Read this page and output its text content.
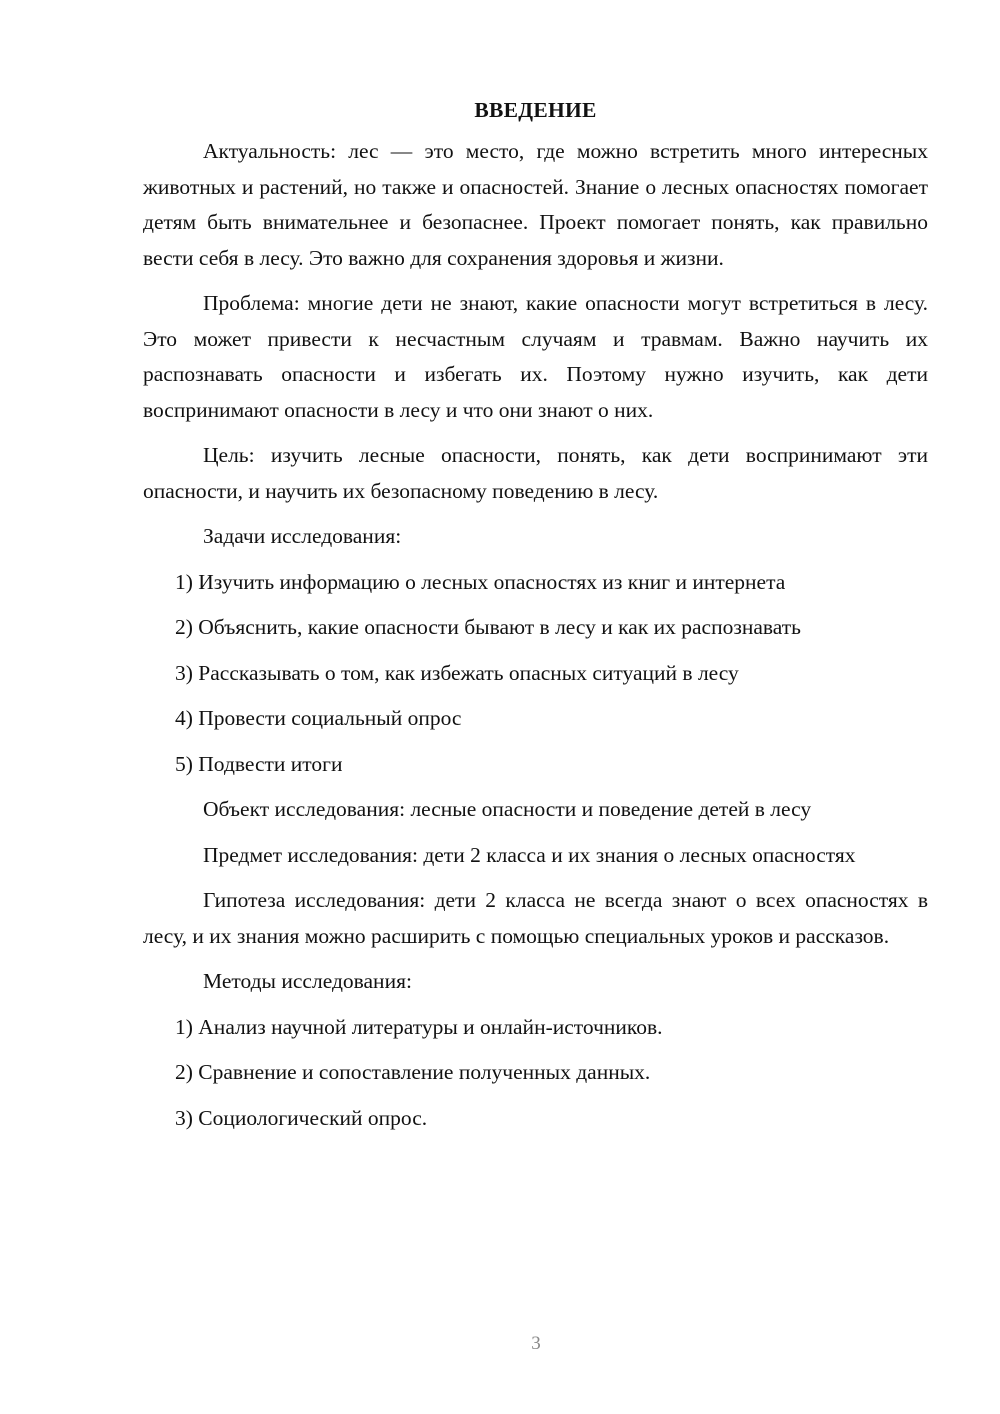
ВВЕДЕНИЕ

Актуальность: лес — это место, где можно встретить много интересных животных и растений, но также и опасностей. Знание о лесных опасностях помогает детям быть внимательнее и безопаснее. Проект помогает понять, как правильно вести себя в лесу. Это важно для сохранения здоровья и жизни.

Проблема: многие дети не знают, какие опасности могут встретиться в лесу. Это может привести к несчастным случаям и травмам. Важно научить их распознавать опасности и избегать их. Поэтому нужно изучить, как дети воспринимают опасности в лесу и что они знают о них.

Цель: изучить лесные опасности, понять, как дети воспринимают эти опасности, и научить их безопасному поведению в лесу.

Задачи исследования:

1) Изучить информацию о лесных опасностях из книг и интернета
2) Объяснить, какие опасности бывают в лесу и как их распознавать
3) Рассказывать о том, как избежать опасных ситуаций в лесу
4) Провести социальный опрос
5) Подвести итоги

Объект исследования: лесные опасности и поведение детей в лесу

Предмет исследования: дети 2 класса и их знания о лесных опасностях

Гипотеза исследования: дети 2 класса не всегда знают о всех опасностях в лесу, и их знания можно расширить с помощью специальных уроков и рассказов.

Методы исследования:

1) Анализ научной литературы и онлайн-источников.
2) Сравнение и сопоставление полученных данных.
3) Социологический опрос.
3
